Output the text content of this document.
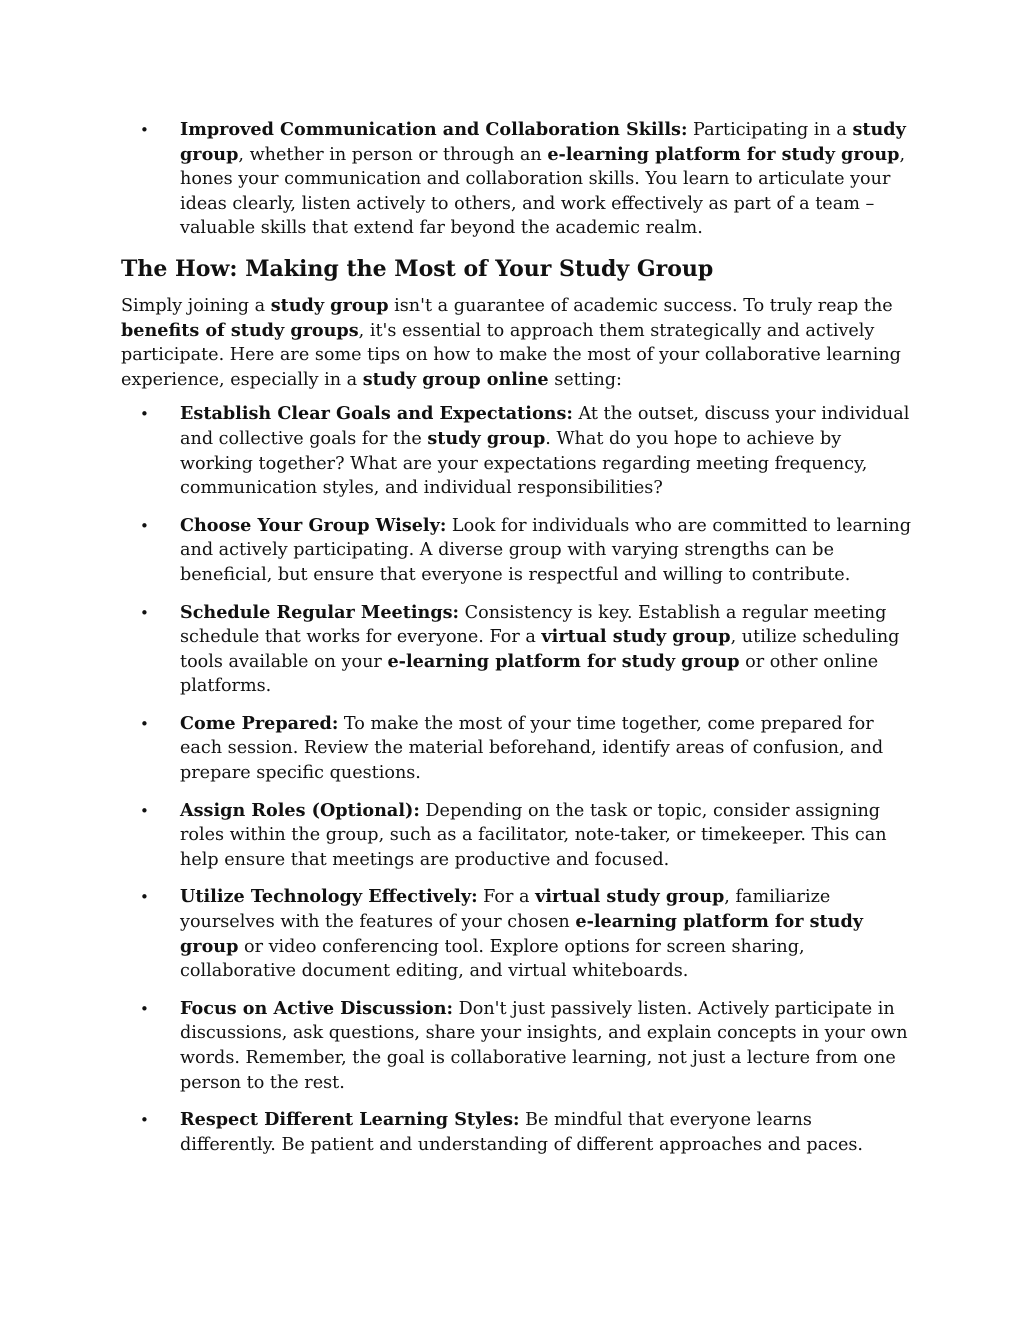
• Improved Communication and Collaboration Skills: Participating in a study group, whether in person or through an e-learning platform for study group, hones your communication and collaboration skills. You learn to articulate your ideas clearly, listen actively to others, and work effectively as part of a team – valuable skills that extend far beyond the academic realm.
The How: Making the Most of Your Study Group

Simply joining a study group isn't a guarantee of academic success. To truly reap the benefits of study groups, it's essential to approach them strategically and actively participate. Here are some tips on how to make the most of your collaborative learning experience, especially in a study group online setting:

• Establish Clear Goals and Expectations: At the outset, discuss your individual and collective goals for the study group. What do you hope to achieve by working together? What are your expectations regarding meeting frequency, communication styles, and individual responsibilities?
• Choose Your Group Wisely: Look for individuals who are committed to learning and actively participating. A diverse group with varying strengths can be beneficial, but ensure that everyone is respectful and willing to contribute.
• Schedule Regular Meetings: Consistency is key. Establish a regular meeting schedule that works for everyone. For a virtual study group, utilize scheduling tools available on your e-learning platform for study group or other online platforms.
• Come Prepared: To make the most of your time together, come prepared for each session. Review the material beforehand, identify areas of confusion, and prepare specific questions.
• Assign Roles (Optional): Depending on the task or topic, consider assigning roles within the group, such as a facilitator, note-taker, or timekeeper. This can help ensure that meetings are productive and focused.
• Utilize Technology Effectively: For a virtual study group, familiarize yourselves with the features of your chosen e-learning platform for study group or video conferencing tool. Explore options for screen sharing, collaborative document editing, and virtual whiteboards.
• Focus on Active Discussion: Don't just passively listen. Actively participate in discussions, ask questions, share your insights, and explain concepts in your own words. Remember, the goal is collaborative learning, not just a lecture from one person to the rest.
• Respect Different Learning Styles: Be mindful that everyone learns differently. Be patient and understanding of different approaches and paces.
